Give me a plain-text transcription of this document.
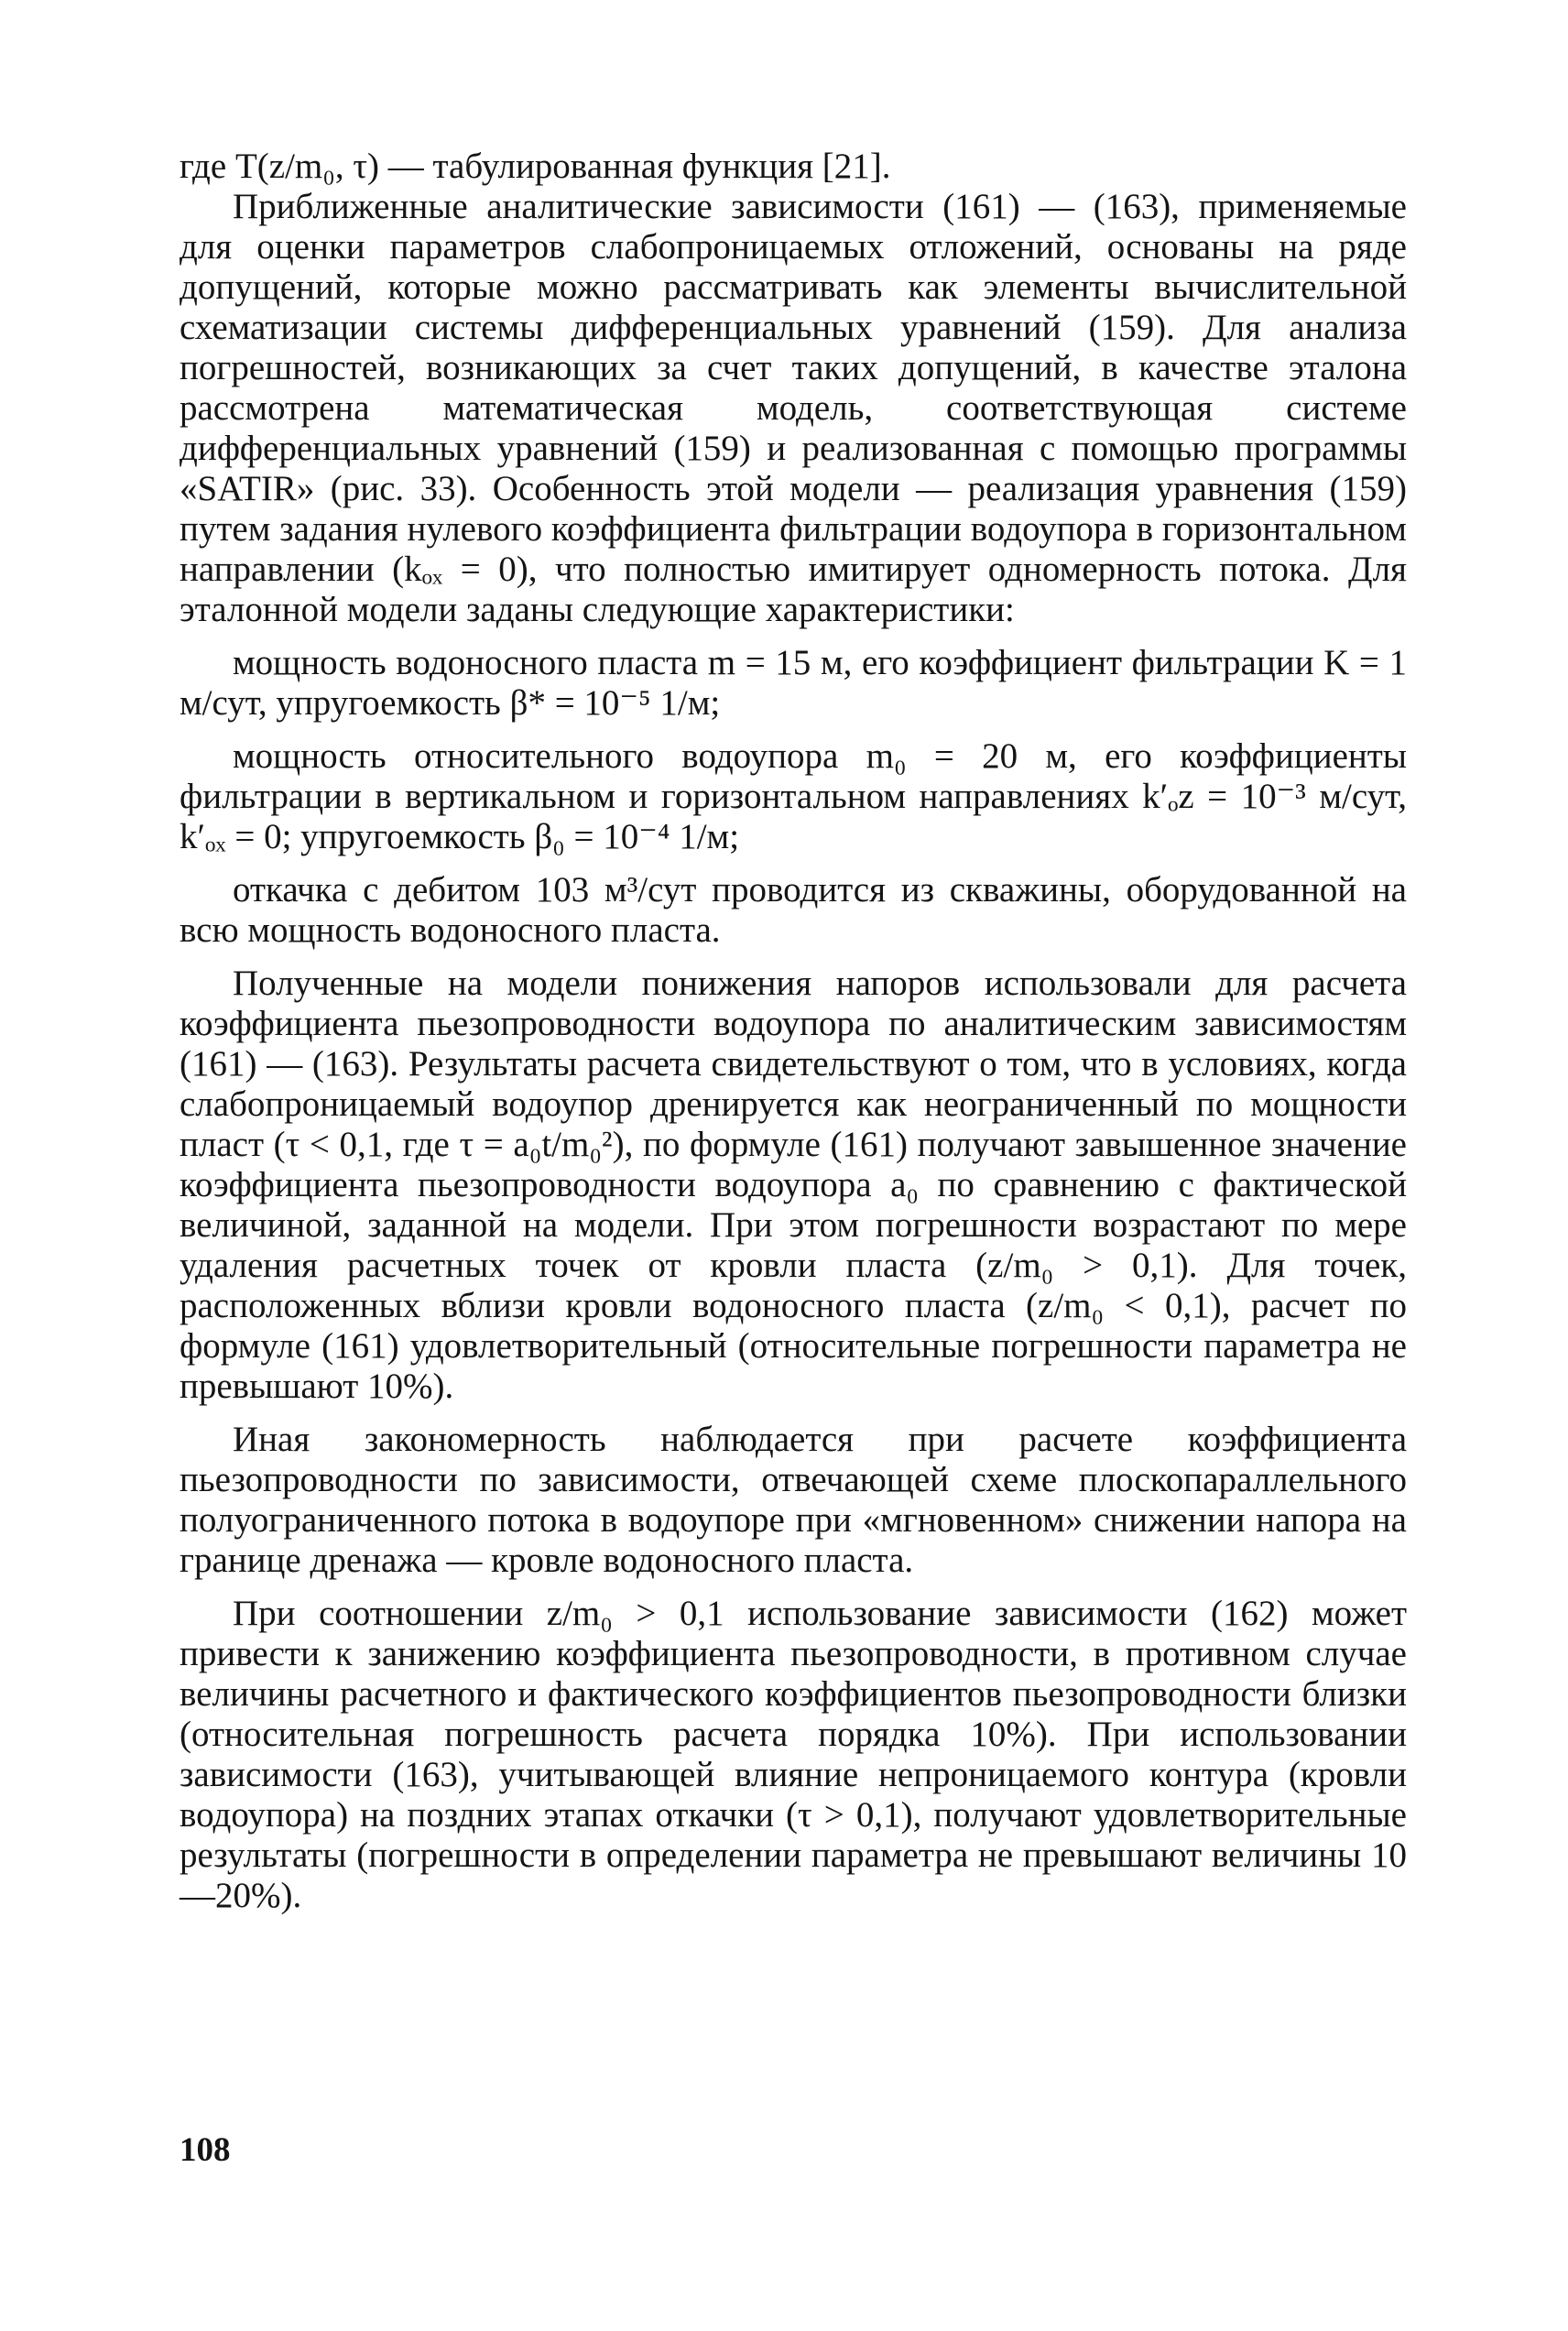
где T(z/m₀, τ) — табулированная функция [21].

Приближенные аналитические зависимости (161) — (163), применяемые для оценки параметров слабопроницаемых отложений, основаны на ряде допущений, которые можно рассматривать как элементы вычислительной схематизации системы дифференциальных уравнений (159). Для анализа погрешностей, возникающих за счет таких допущений, в качестве эталона рассмотрена математическая модель, соответствующая системе дифференциальных уравнений (159) и реализованная с помощью программы «SATIR» (рис. 33). Особенность этой модели — реализация уравнения (159) путем задания нулевого коэффициента фильтрации водоупора в горизонтальном направлении (kₒₓ = 0), что полностью имитирует одномерность потока. Для эталонной модели заданы следующие характеристики:

мощность водоносного пласта m = 15 м, его коэффициент фильтрации K = 1 м/сут, упругоемкость β* = 10⁻⁵ 1/м;

мощность относительного водоупора m₀ = 20 м, его коэффициенты фильтрации в вертикальном и горизонтальном направлениях k′ₒz = 10⁻³ м/сут, k′ₒₓ = 0; упругоемкость β₀ = 10⁻⁴ 1/м;

откачка с дебитом 103 м³/сут проводится из скважины, оборудованной на всю мощность водоносного пласта.

Полученные на модели понижения напоров использовали для расчета коэффициента пьезопроводности водоупора по аналитическим зависимостям (161) — (163). Результаты расчета свидетельствуют о том, что в условиях, когда слабопроницаемый водоупор дренируется как неограниченный по мощности пласт (τ < 0,1, где τ = a₀t/m₀²), по формуле (161) получают завышенное значение коэффициента пьезопроводности водоупора a₀ по сравнению с фактической величиной, заданной на модели. При этом погрешности возрастают по мере удаления расчетных точек от кровли пласта (z/m₀ > 0,1). Для точек, расположенных вблизи кровли водоносного пласта (z/m₀ < 0,1), расчет по формуле (161) удовлетворительный (относительные погрешности параметра не превышают 10%).

Иная закономерность наблюдается при расчете коэффициента пьезопроводности по зависимости, отвечающей схеме плоскопараллельного полуограниченного потока в водоупоре при «мгновенном» снижении напора на границе дренажа — кровле водоносного пласта.

При соотношении z/m₀ > 0,1 использование зависимости (162) может привести к занижению коэффициента пьезопроводности, в противном случае величины расчетного и фактического коэффициентов пьезопроводности близки (относительная погрешность расчета порядка 10%). При использовании зависимости (163), учитывающей влияние непроницаемого контура (кровли водоупора) на поздних этапах откачки (τ > 0,1), получают удовлетворительные результаты (погрешности в определении параметра не превышают величины 10—20%).

108
